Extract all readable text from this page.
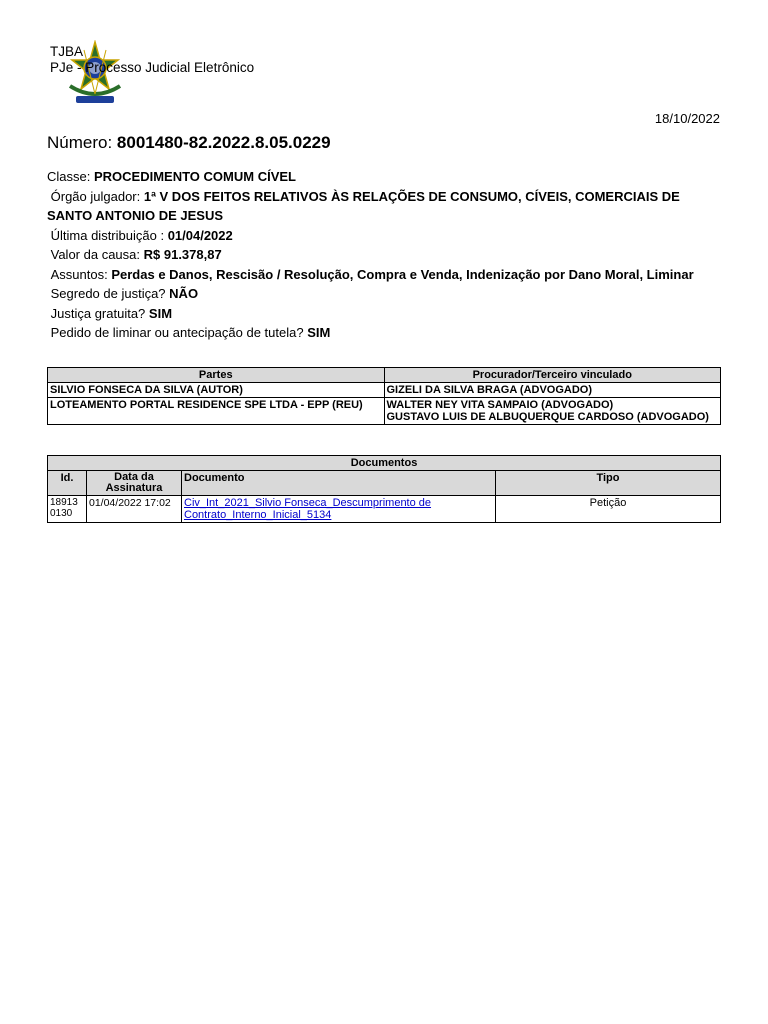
TJBA
PJe - Processo Judicial Eletrônico
18/10/2022
Número: 8001480-82.2022.8.05.0229
Classe: PROCEDIMENTO COMUM CÍVEL
Órgão julgador: 1ª V DOS FEITOS RELATIVOS ÀS RELAÇÕES DE CONSUMO, CÍVEIS, COMERCIAIS DE SANTO ANTONIO DE JESUS
Última distribuição : 01/04/2022
Valor da causa: R$ 91.378,87
Assuntos: Perdas e Danos, Rescisão / Resolução, Compra e Venda, Indenização por Dano Moral, Liminar
Segredo de justiça? NÃO
Justiça gratuita? SIM
Pedido de liminar ou antecipação de tutela? SIM
Partes	Procurador/Terceiro vinculado
SILVIO FONSECA DA SILVA (AUTOR)	GIZELI DA SILVA BRAGA (ADVOGADO)

LOTEAMENTO PORTAL RESIDENCE SPE LTDA - EPP (REU)	WALTER NEY VITA SAMPAIO (ADVOGADO)
GUSTAVO LUIS DE ALBUQUERQUE CARDOSO (ADVOGADO)
Documentos			
Id.	Data da Assinatura	Documento	Tipo
18913 0130	01/04/2022 17:02	Civ_Int_2021_Silvio Fonseca_Descumprimento de Contrato_Interno_Inicial_5134	Petição
